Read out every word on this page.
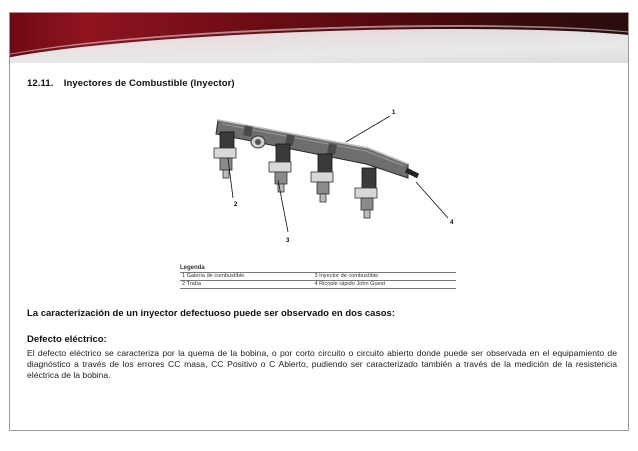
12.11. Inyectores de Combustible (Inyector)
1
2
3
4
Legenda
1 Galería de combustible	3 Inyector de combustible
2 Traba	4 Ricople rápido John Guest
La caracterización de un inyector defectuoso puede ser observado en dos casos:
Defecto eléctrico:
El defecto eléctrico se caracteriza por la quema de la bobina, o por corto circuito o circuito abierto donde puede ser observada en el equipamiento de diagnóstico a través de los errores CC masa, CC Positivo o C Abierto, pudiendo ser caracterizado también a través de la medición de la resistencia eléctrica de la bobina.
